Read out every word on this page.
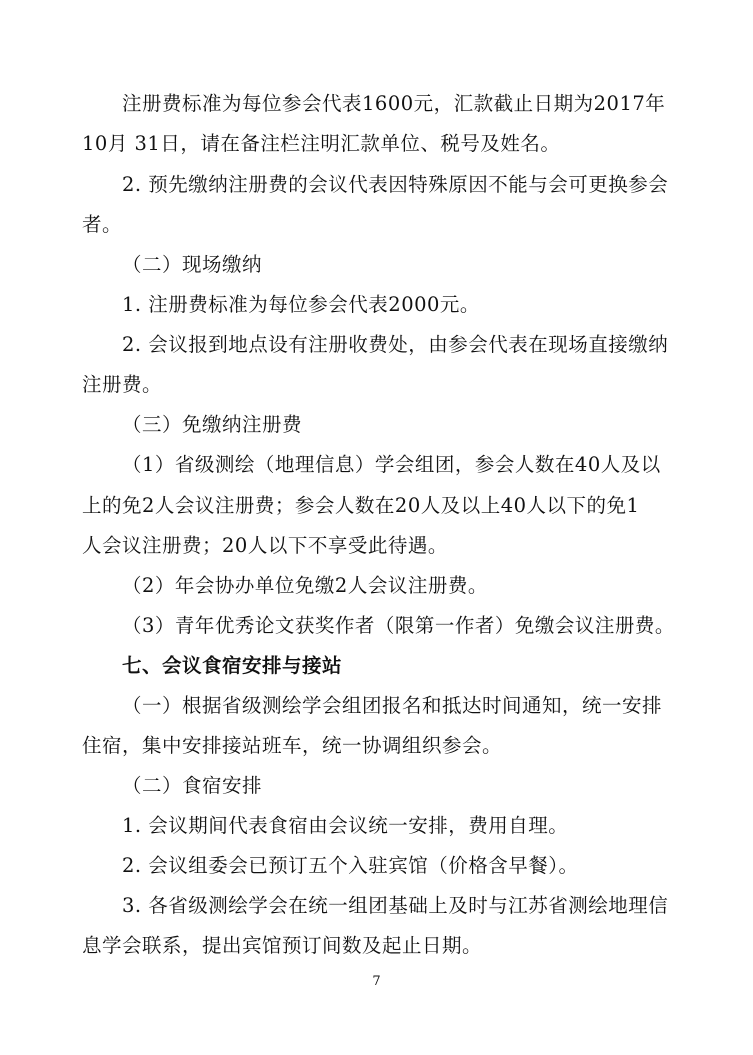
注册费标准为每位参会代表1600元，汇款截止日期为2017年
10月 31日，请在备注栏注明汇款单位、税号及姓名。
2. 预先缴纳注册费的会议代表因特殊原因不能与会可更换参会
者。
（二）现场缴纳
1. 注册费标准为每位参会代表2000元。
2. 会议报到地点设有注册收费处，由参会代表在现场直接缴纳
注册费。
（三）免缴纳注册费
（1）省级测绘（地理信息）学会组团，参会人数在40人及以
上的免2人会议注册费；参会人数在20人及以上40人以下的免1
人会议注册费；20人以下不享受此待遇。
（2）年会协办单位免缴2人会议注册费。
（3）青年优秀论文获奖作者（限第一作者）免缴会议注册费。
七、会议食宿安排与接站
（一）根据省级测绘学会组团报名和抵达时间通知，统一安排
住宿，集中安排接站班车，统一协调组织参会。
（二）食宿安排
1. 会议期间代表食宿由会议统一安排，费用自理。
2. 会议组委会已预订五个入驻宾馆（价格含早餐）。
3. 各省级测绘学会在统一组团基础上及时与江苏省测绘地理信
息学会联系，提出宾馆预订间数及起止日期。
7
